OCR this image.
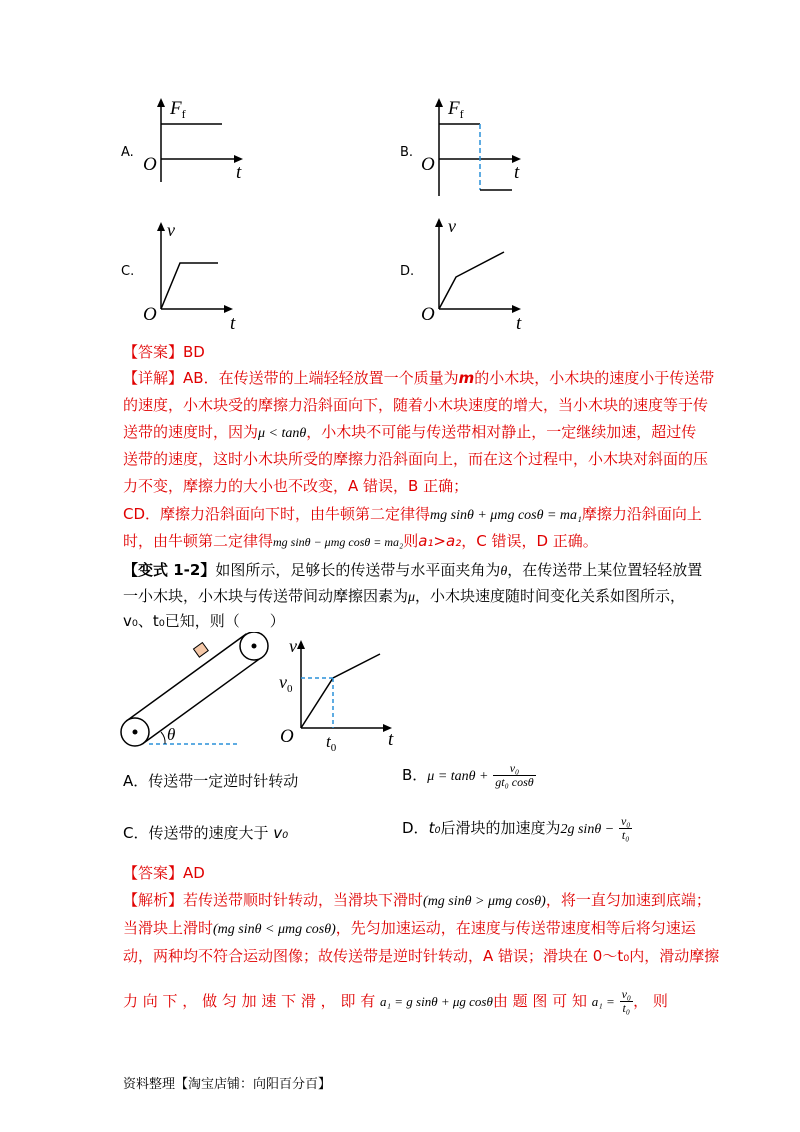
A.
$F_f$
O	t
B.
$F_f$
O	t
C.
v
O	t
D.
v
O	t
【答案】BD
【详解】AB．在传送带的上端轻轻放置一个质量为m的小木块，小木块的速度小于传送带
的速度，小木块受的摩擦力沿斜面向下，随着小木块速度的增大，当小木块的速度等于传
送带的速度时，因为μ < tanθ，小木块不可能与传送带相对静止，一定继续加速，超过传
送带的速度，这时小木块所受的摩擦力沿斜面向上，而在这个过程中，小木块对斜面的压
力不变，摩擦力的大小也不改变，A 错误，B 正确；
CD．摩擦力沿斜面向下时，由牛顿第二定律得mg sinθ + μmg cosθ = ma₁摩擦力沿斜面向上
时，由牛顿第二定律得mg sinθ − μmg cosθ = ma₂则a₁>a₂，C 错误，D 正确。
【变式 1-2】如图所示，足够长的传送带与水平面夹角为θ，在传送带上某位置轻轻放置
一小木块，小木块与传送带间动摩擦因素为μ，小木块速度随时间变化关系如图所示，
v₀、t₀已知，则（　　）
θ
v
$v_0$
O $t_0$	t
A．传送带一定逆时针转动	B．$\mu = \tan\theta + \frac{\text{v₀}}{\text{gt₀ cosθ}}$
C．传送带的速度大于 v₀	D．t₀后滑块的加速度为2g $\sin\theta - \frac{\text{v₀}}{\text{t₀}}$
【答案】AD
【解析】若传送带顺时针转动，当滑块下滑时(mg sinθ > μmg cosθ)，将一直匀加速到底端；
当滑块上滑时(mg sinθ < μmg cosθ)，先匀加速运动，在速度与传送带速度相等后将匀速运
动，两种均不符合运动图像；故传送带是逆时针转动，A 错误；滑块在 0～t₀内，滑动摩擦
力 向 下 ， 做 匀 加 速 下 滑 ， 即 有 a₁ = g sinθ + μg cosθ由 题 图 可 知 $a_1 = \frac{\text{v₀}}{\text{t₀}}$ ， 则
资料整理【淘宝店铺：向阳百分百】
